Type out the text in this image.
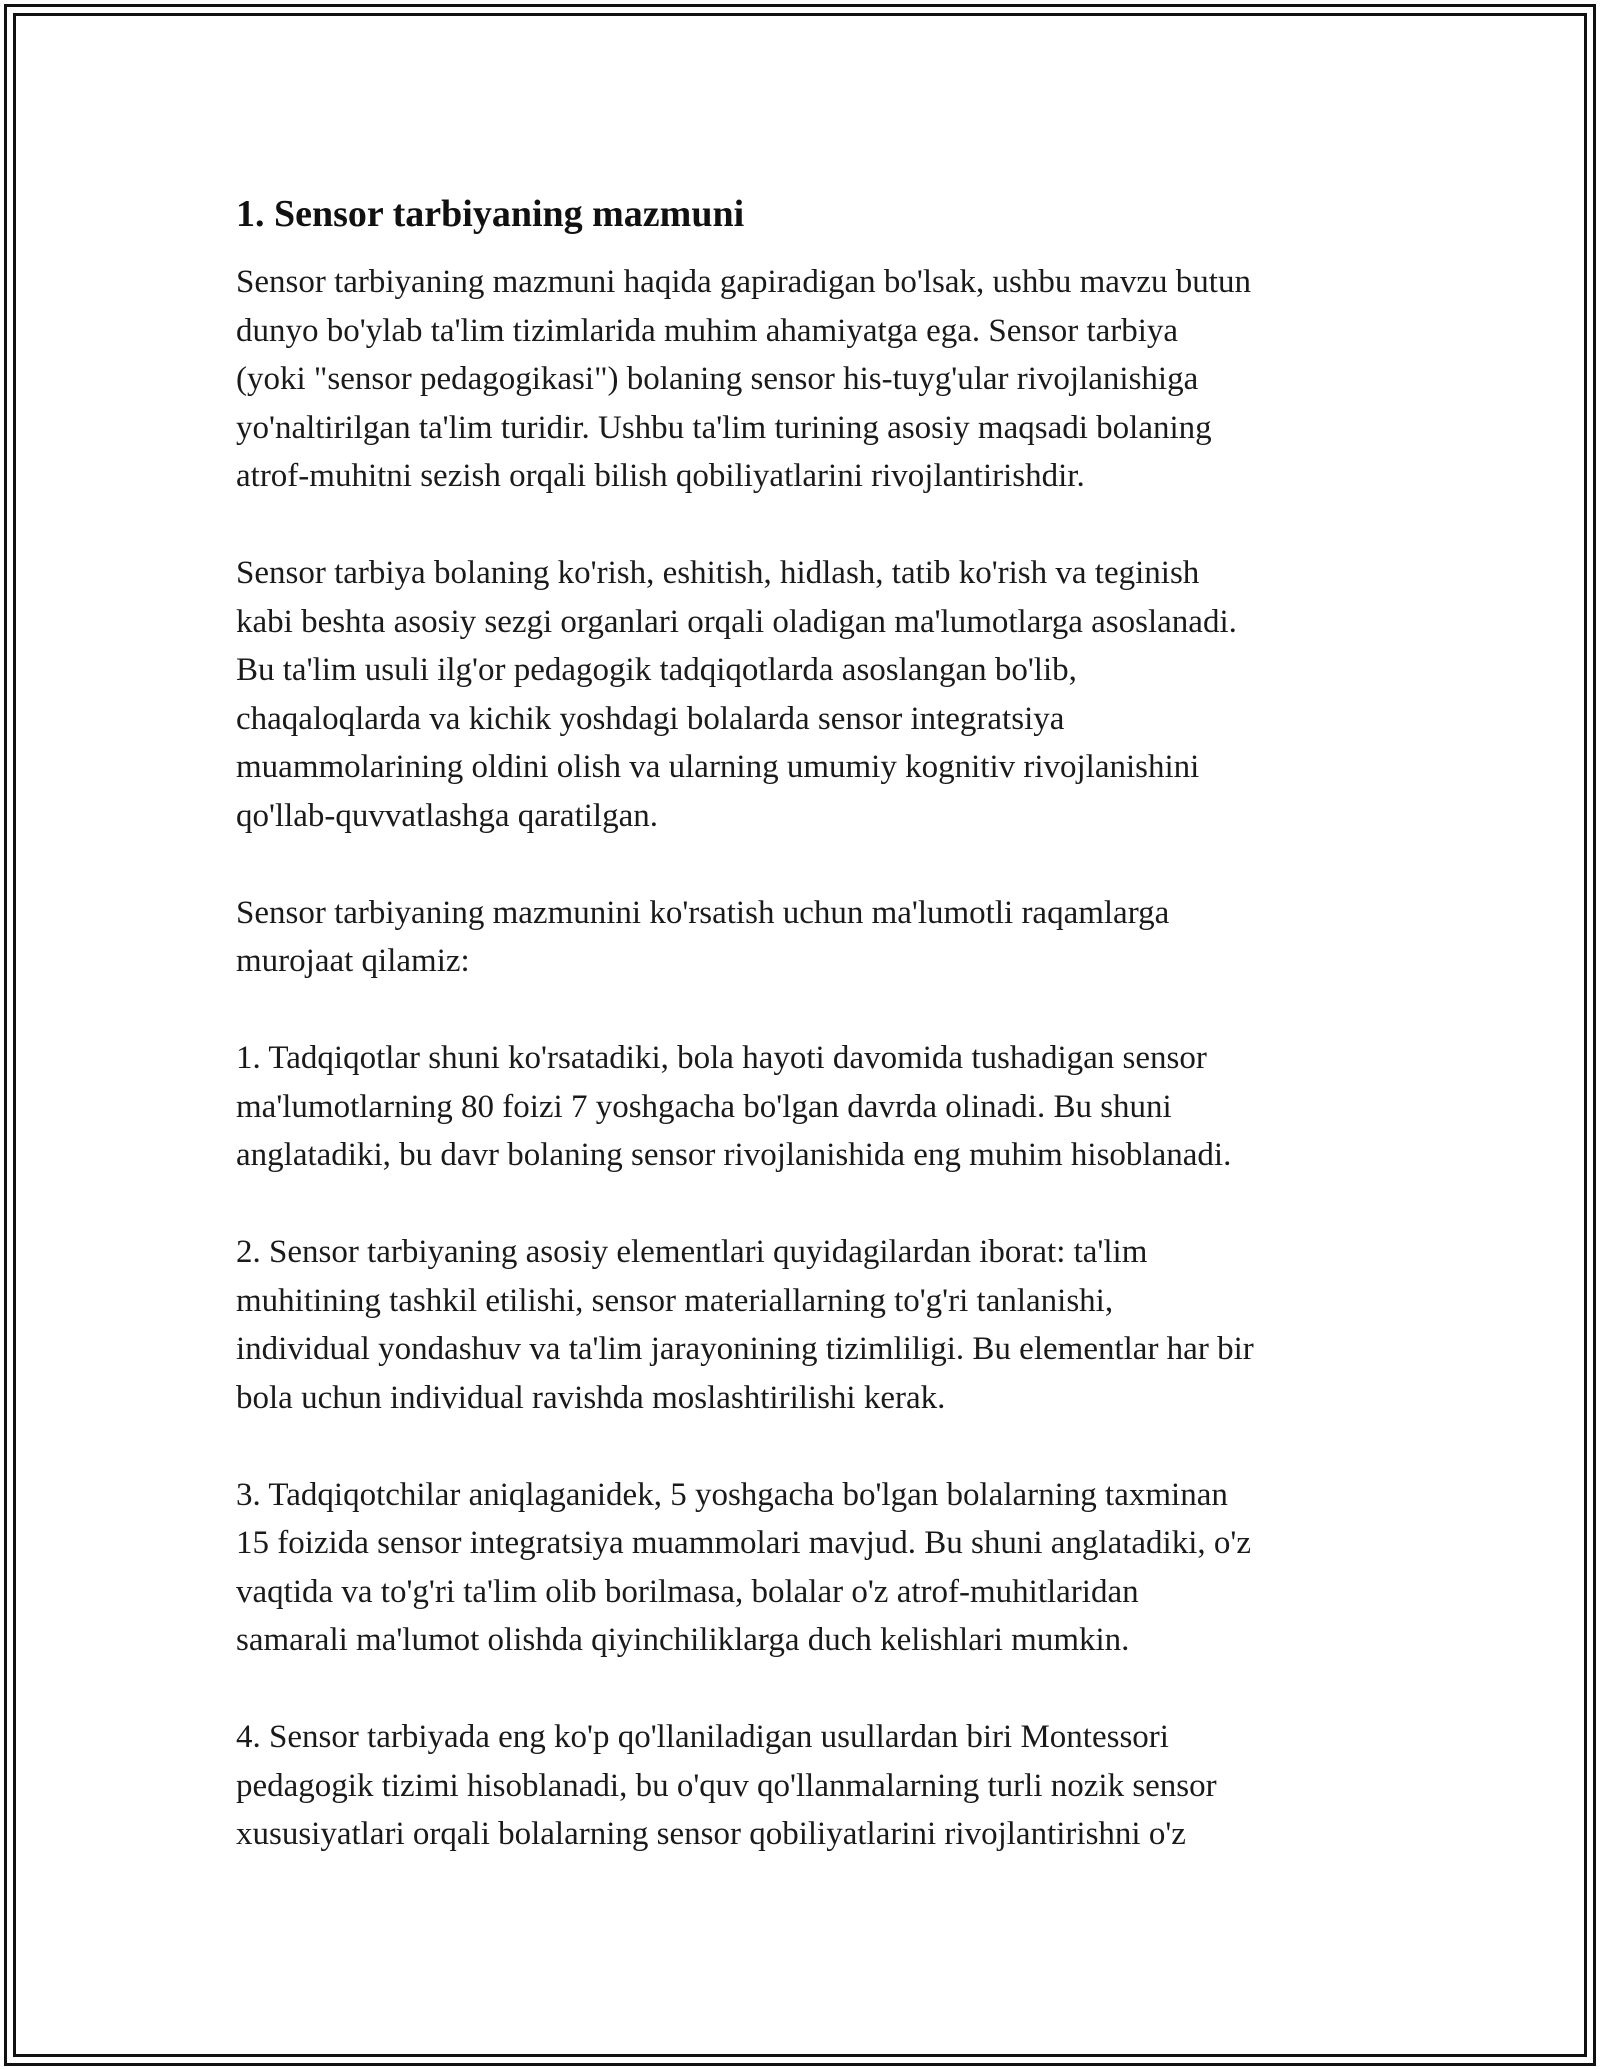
1. Sensor tarbiyaning mazmuni

Sensor tarbiyaning mazmuni haqida gapiradigan bo'lsak, ushbu mavzu butun
dunyo bo'ylab ta'lim tizimlarida muhim ahamiyatga ega. Sensor tarbiya
(yoki "sensor pedagogikasi") bolaning sensor his-tuyg'ular rivojlanishiga
yo'naltirilgan ta'lim turidir. Ushbu ta'lim turining asosiy maqsadi bolaning
atrof-muhitni sezish orqali bilish qobiliyatlarini rivojlantirishdir.

Sensor tarbiya bolaning ko'rish, eshitish, hidlash, tatib ko'rish va teginish
kabi beshta asosiy sezgi organlari orqali oladigan ma'lumotlarga asoslanadi.
Bu ta'lim usuli ilg'or pedagogik tadqiqotlarda asoslangan bo'lib,
chaqaloqlarda va kichik yoshdagi bolalarda sensor integratsiya
muammolarining oldini olish va ularning umumiy kognitiv rivojlanishini
qo'llab-quvvatlashga qaratilgan.

Sensor tarbiyaning mazmunini ko'rsatish uchun ma'lumotli raqamlarga
murojaat qilamiz:

1. Tadqiqotlar shuni ko'rsatadiki, bola hayoti davomida tushadigan sensor
ma'lumotlarning 80 foizi 7 yoshgacha bo'lgan davrda olinadi. Bu shuni
anglatadiki, bu davr bolaning sensor rivojlanishida eng muhim hisoblanadi.

2. Sensor tarbiyaning asosiy elementlari quyidagilardan iborat: ta'lim
muhitining tashkil etilishi, sensor materiallarning to'g'ri tanlanishi,
individual yondashuv va ta'lim jarayonining tizimliligi. Bu elementlar har bir
bola uchun individual ravishda moslashtirilishi kerak.

3. Tadqiqotchilar aniqlaganidek, 5 yoshgacha bo'lgan bolalarning taxminan
15 foizida sensor integratsiya muammolari mavjud. Bu shuni anglatadiki, o'z
vaqtida va to'g'ri ta'lim olib borilmasa, bolalar o'z atrof-muhitlaridan
samarali ma'lumot olishda qiyinchiliklarga duch kelishlari mumkin.

4. Sensor tarbiyada eng ko'p qo'llaniladigan usullardan biri Montessori
pedagogik tizimi hisoblanadi, bu o'quv qo'llanmalarning turli nozik sensor
xususiyatlari orqali bolalarning sensor qobiliyatlarini rivojlantirishni o'z
